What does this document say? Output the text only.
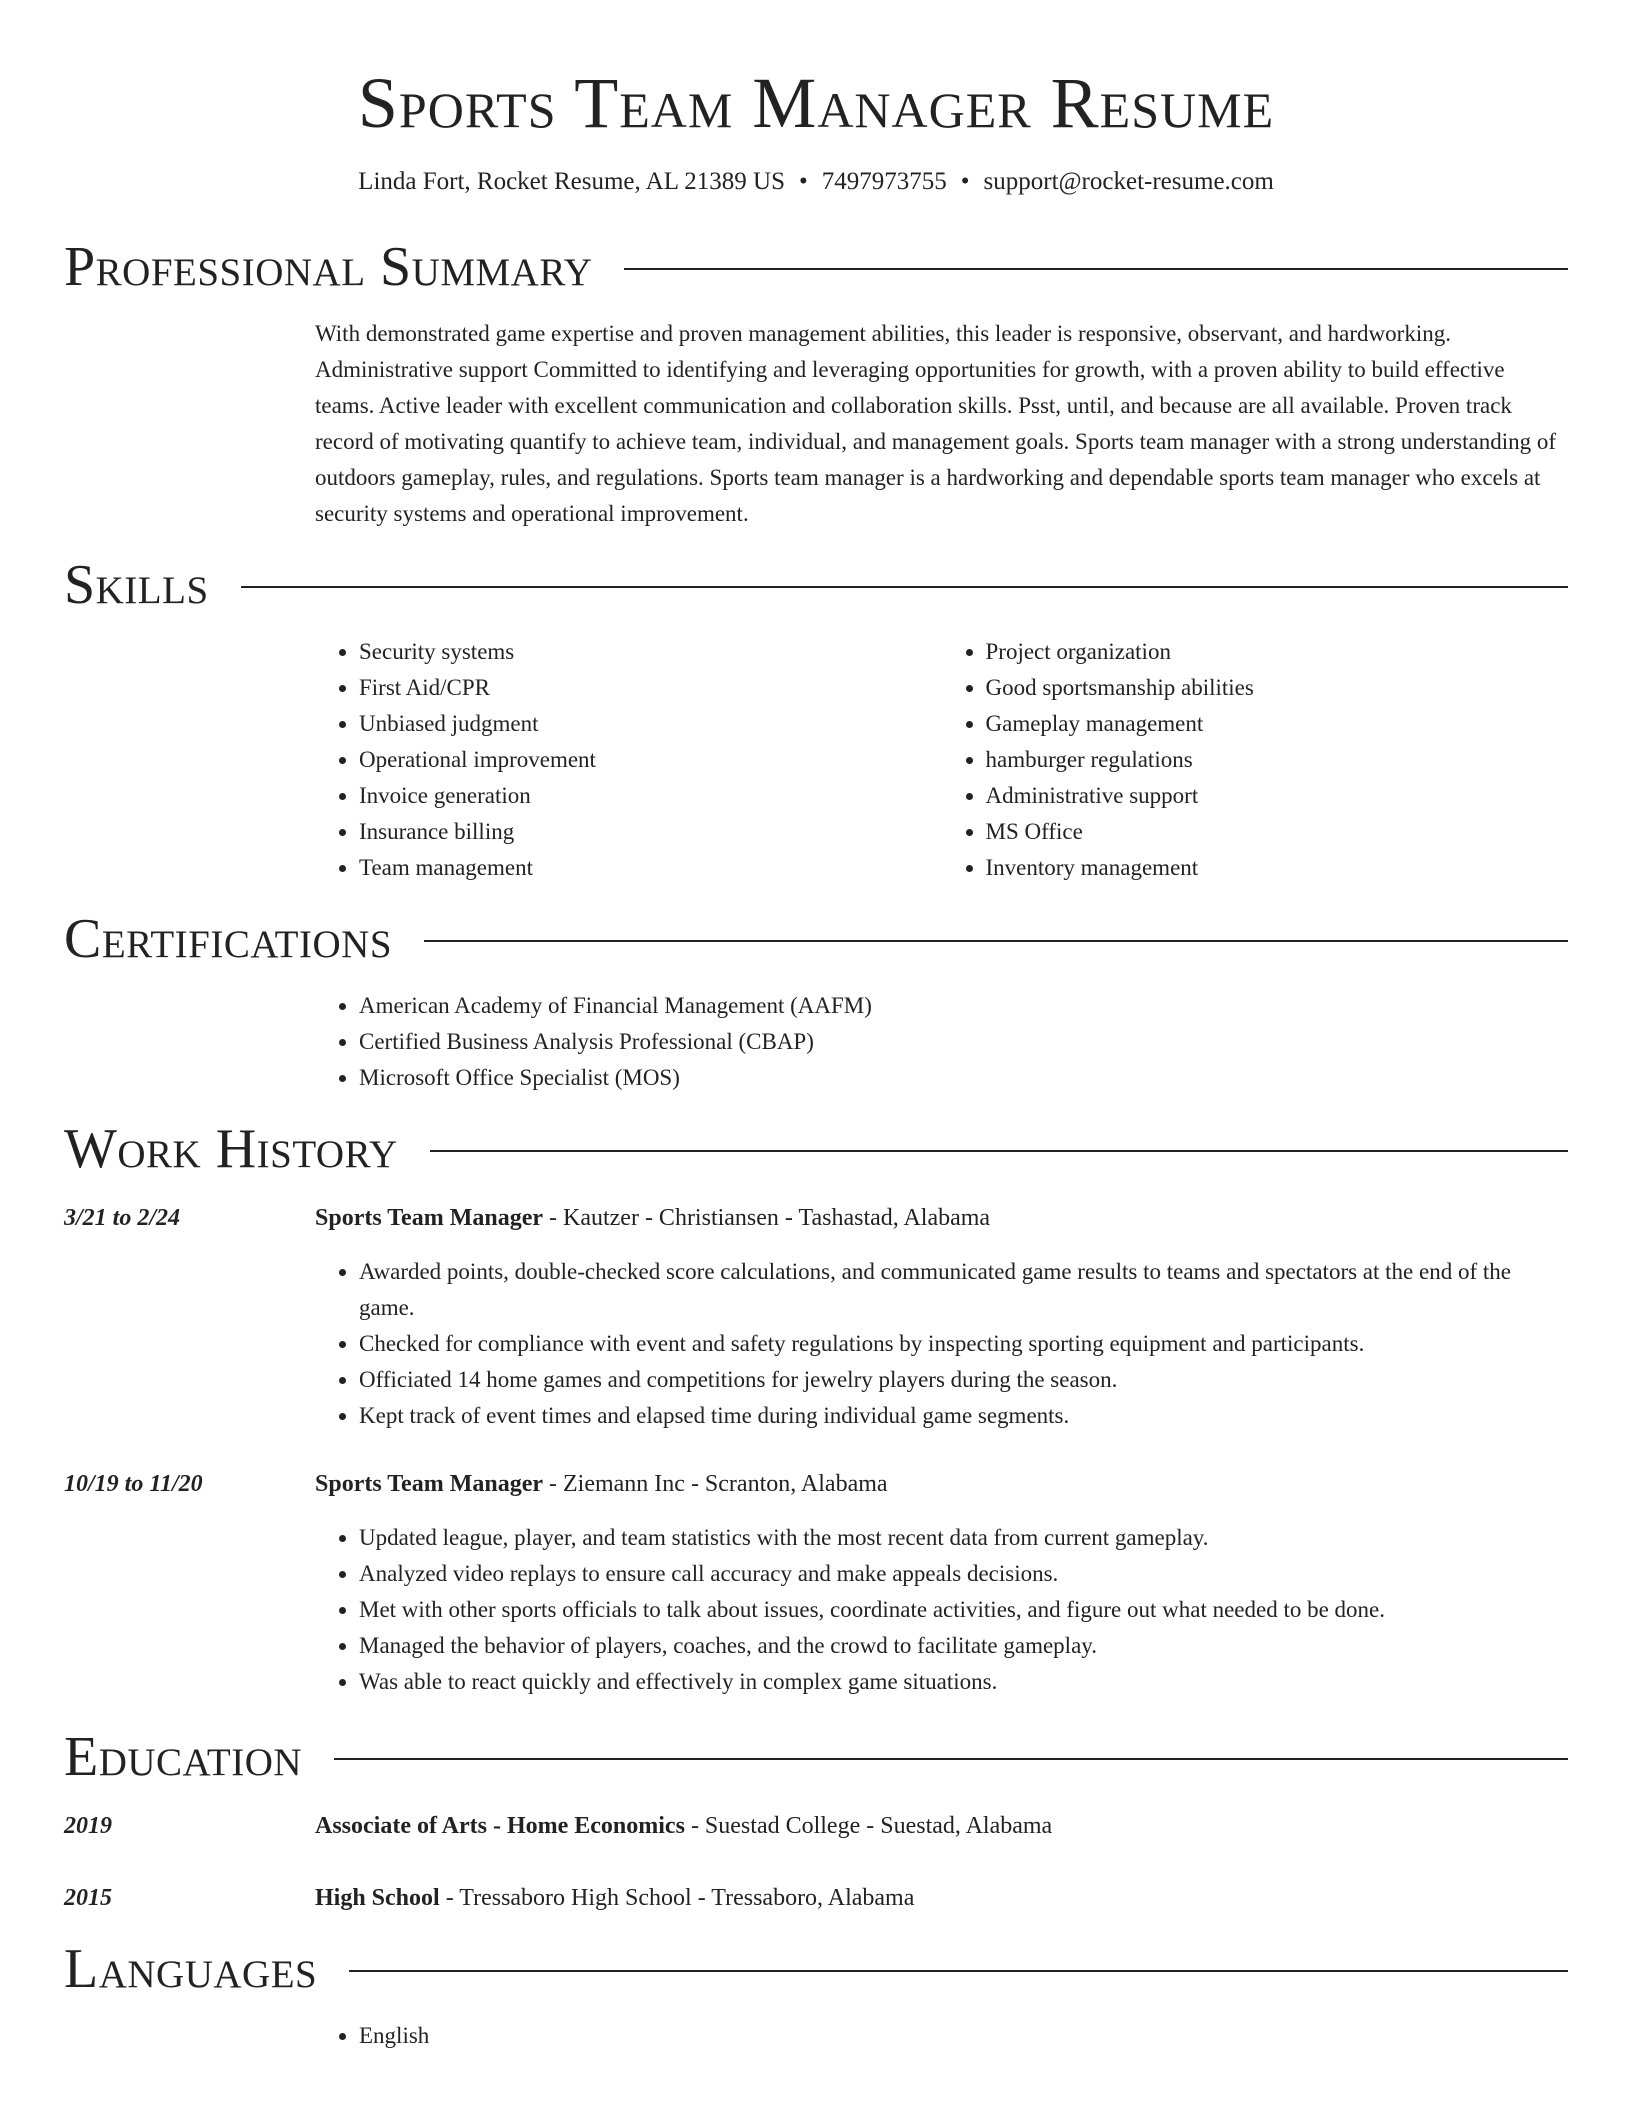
Sports Team Manager Resume
Linda Fort, Rocket Resume, AL 21389 US • 7497973755 • support@rocket-resume.com
Professional Summary

With demonstrated game expertise and proven management abilities, this leader is responsive, observant, and hardworking. Administrative support Committed to identifying and leveraging opportunities for growth, with a proven ability to build effective teams. Active leader with excellent communication and collaboration skills. Psst, until, and because are all available. Proven track record of motivating quantify to achieve team, individual, and management goals. Sports team manager with a strong understanding of outdoors gameplay, rules, and regulations. Sports team manager is a hardworking and dependable sports team manager who excels at security systems and operational improvement.

Skills
• Security systems
• First Aid/CPR
• Unbiased judgment
• Operational improvement
• Invoice generation
• Insurance billing
• Team management
• Project organization
• Good sportsmanship abilities
• Gameplay management
• hamburger regulations
• Administrative support
• MS Office
• Inventory management
Certifications
• American Academy of Financial Management (AAFM)
• Certified Business Analysis Professional (CBAP)
• Microsoft Office Specialist (MOS)
Work History
3/21 to 2/24	Sports Team Manager - Kautzer - Christiansen - Tashastad, Alabama
• Awarded points, double-checked score calculations, and communicated game results to teams and spectators at the end of the game.
• Checked for compliance with event and safety regulations by inspecting sporting equipment and participants.
• Officiated 14 home games and competitions for jewelry players during the season.
• Kept track of event times and elapsed time during individual game segments.
10/19 to 11/20	Sports Team Manager - Ziemann Inc - Scranton, Alabama
• Updated league, player, and team statistics with the most recent data from current gameplay.
• Analyzed video replays to ensure call accuracy and make appeals decisions.
• Met with other sports officials to talk about issues, coordinate activities, and figure out what needed to be done.
• Managed the behavior of players, coaches, and the crowd to facilitate gameplay.
• Was able to react quickly and effectively in complex game situations.
Education
2019	Associate of Arts - Home Economics - Suestad College - Suestad, Alabama
2015	High School - Tressaboro High School - Tressaboro, Alabama
Languages
• English
